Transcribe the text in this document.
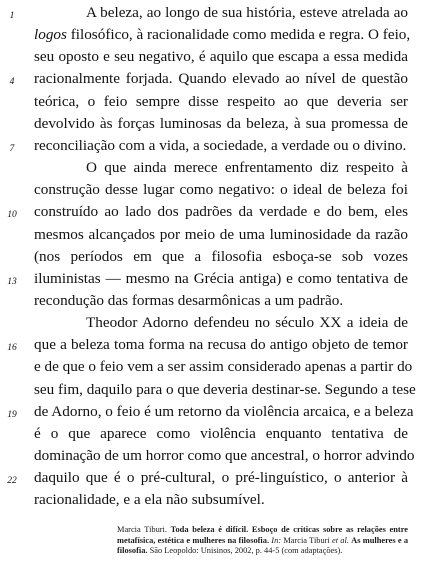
1	A beleza, ao longo de sua história, esteve atrelada ao
logos filosófico, à racionalidade como medida e regra. O feio,
seu oposto e seu negativo, é aquilo que escapa a essa medida
4	racionalmente forjada. Quando elevado ao nível de questão
teórica, o feio sempre disse respeito ao que deveria ser
devolvido às forças luminosas da beleza, à sua promessa de
7	reconciliação com a vida, a sociedade, a verdade ou o divino.
O que ainda merece enfrentamento diz respeito à
construção desse lugar como negativo: o ideal de beleza foi
10	construído ao lado dos padrões da verdade e do bem, eles
mesmos alcançados por meio de uma luminosidade da razão
(nos períodos em que a filosofia esboça-se sob vozes
13	iluministas — mesmo na Grécia antiga) e como tentativa de
recondução das formas desarmônicas a um padrão.
Theodor Adorno defendeu no século XX a ideia de
16	que a beleza toma forma na recusa do antigo objeto de temor
e de que o feio vem a ser assim considerado apenas a partir do
seu fim, daquilo para o que deveria destinar-se. Segundo a tese
19	de Adorno, o feio é um retorno da violência arcaica, e a beleza
é o que aparece como violência enquanto tentativa de
dominação de um horror como que ancestral, o horror advindo
22	daquilo que é o pré-cultural, o pré-linguístico, o anterior à
racionalidade, e a ela não subsumível.
Marcia Tiburi. Toda beleza é difícil. Esboço de críticas sobre as relações entre metafísica, estética e mulheres na filosofia. In: Marcia Tiburi et al. As mulheres e a filosofia. São Leopoldo: Unisinos, 2002, p. 44-5 (com adaptações).
